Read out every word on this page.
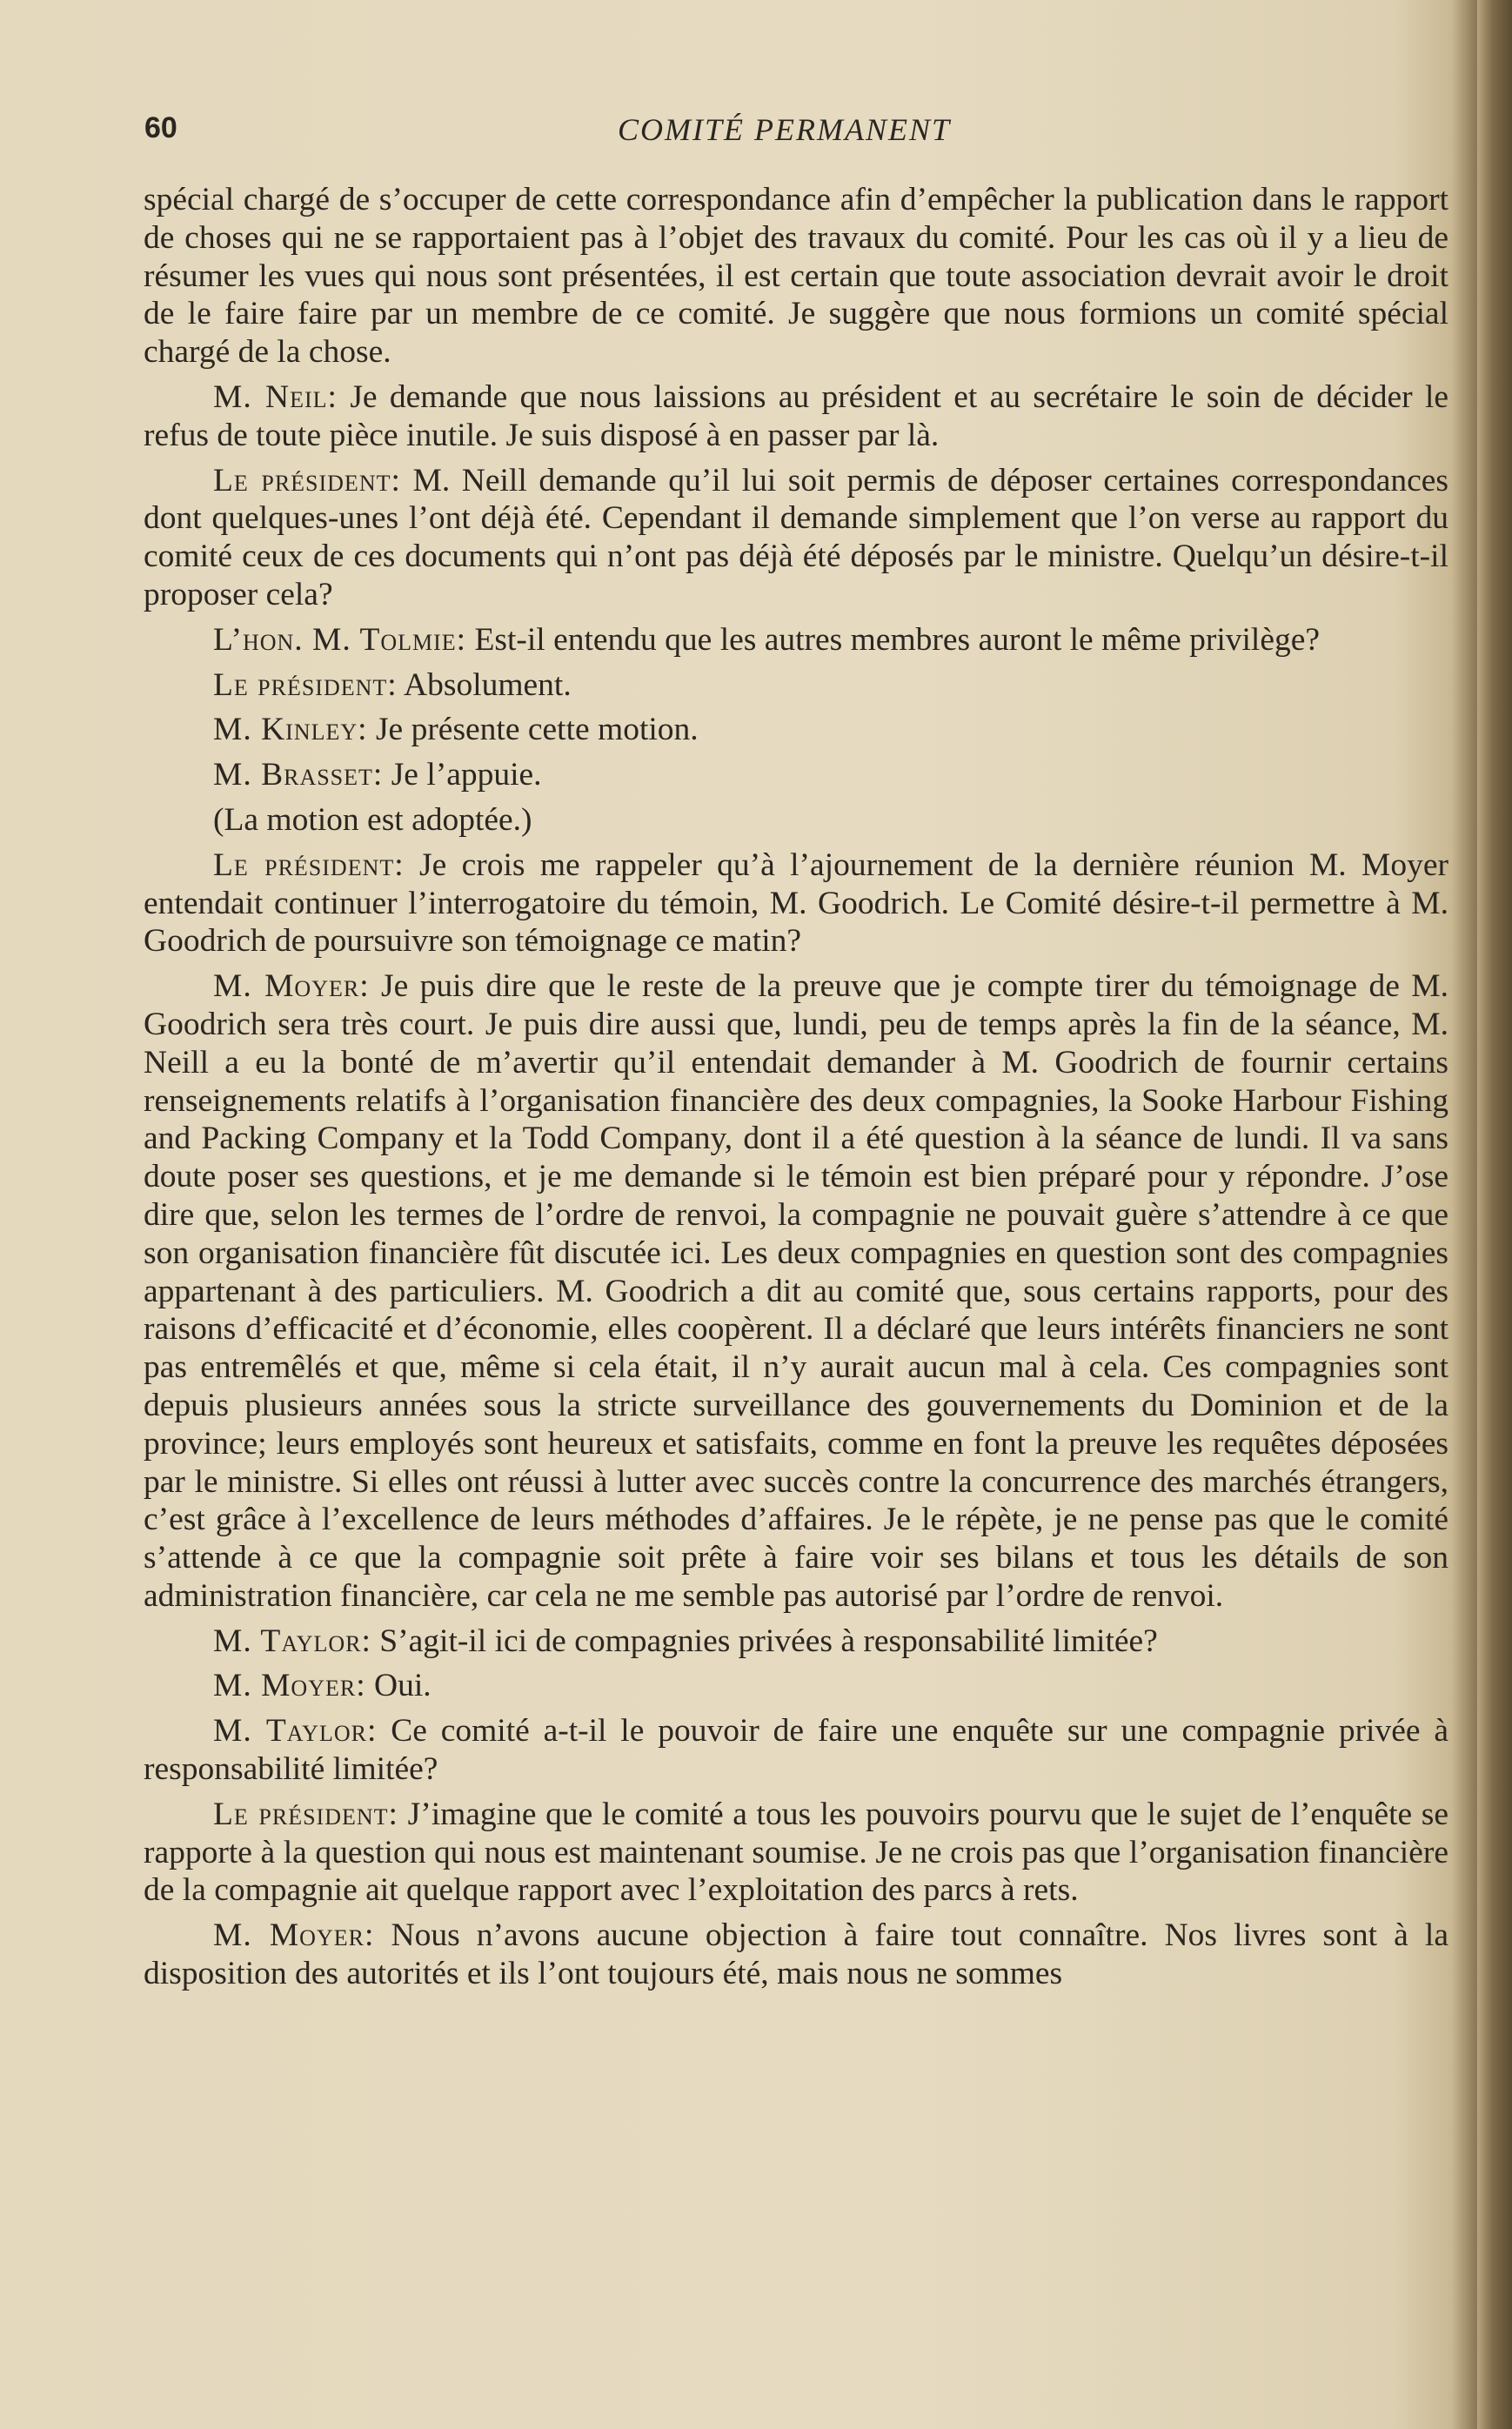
60	COMITÉ PERMANENT

spécial chargé de s’occuper de cette correspondance afin d’empêcher la publication dans le rapport de choses qui ne se rapportaient pas à l’objet des travaux du comité. Pour les cas où il y a lieu de résumer les vues qui nous sont présentées, il est certain que toute association devrait avoir le droit de le faire faire par un membre de ce comité. Je suggère que nous formions un comité spécial chargé de la chose.

M. Neil: Je demande que nous laissions au président et au secrétaire le soin de décider le refus de toute pièce inutile. Je suis disposé à en passer par là.

Le président: M. Neill demande qu’il lui soit permis de déposer certaines correspondances dont quelques-unes l’ont déjà été. Cependant il demande simplement que l’on verse au rapport du comité ceux de ces documents qui n’ont pas déjà été déposés par le ministre. Quelqu’un désire-t-il proposer cela?

L’hon. M. Tolmie: Est-il entendu que les autres membres auront le même privilège?

Le président: Absolument.

M. Kinley: Je présente cette motion.

M. Brasset: Je l’appuie.

(La motion est adoptée.)

Le président: Je crois me rappeler qu’à l’ajournement de la dernière réunion M. Moyer entendait continuer l’interrogatoire du témoin, M. Goodrich. Le Comité désire-t-il permettre à M. Goodrich de poursuivre son témoignage ce matin?

M. Moyer: Je puis dire que le reste de la preuve que je compte tirer du témoignage de M. Goodrich sera très court. Je puis dire aussi que, lundi, peu de temps après la fin de la séance, M. Neill a eu la bonté de m’avertir qu’il entendait demander à M. Goodrich de fournir certains renseignements relatifs à l’organisation financière des deux compagnies, la Sooke Harbour Fishing and Packing Company et la Todd Company, dont il a été question à la séance de lundi. Il va sans doute poser ses questions, et je me demande si le témoin est bien préparé pour y répondre. J’ose dire que, selon les termes de l’ordre de renvoi, la compagnie ne pouvait guère s’attendre à ce que son organisation financière fût discutée ici. Les deux compagnies en question sont des compagnies appartenant à des particuliers. M. Goodrich a dit au comité que, sous certains rapports, pour des raisons d’efficacité et d’économie, elles coopèrent. Il a déclaré que leurs intérêts financiers ne sont pas entremêlés et que, même si cela était, il n’y aurait aucun mal à cela. Ces compagnies sont depuis plusieurs années sous la stricte surveillance des gouvernements du Dominion et de la province; leurs employés sont heureux et satisfaits, comme en font la preuve les requêtes déposées par le ministre. Si elles ont réussi à lutter avec succès contre la concurrence des marchés étrangers, c’est grâce à l’excellence de leurs méthodes d’affaires. Je le répète, je ne pense pas que le comité s’attende à ce que la compagnie soit prête à faire voir ses bilans et tous les détails de son administration financière, car cela ne me semble pas autorisé par l’ordre de renvoi.

M. Taylor: S’agit-il ici de compagnies privées à responsabilité limitée?

M. Moyer: Oui.

M. Taylor: Ce comité a-t-il le pouvoir de faire une enquête sur une compagnie privée à responsabilité limitée?

Le président: J’imagine que le comité a tous les pouvoirs pourvu que le sujet de l’enquête se rapporte à la question qui nous est maintenant soumise. Je ne crois pas que l’organisation financière de la compagnie ait quelque rapport avec l’exploitation des parcs à rets.

M. Moyer: Nous n’avons aucune objection à faire tout connaître. Nos livres sont à la disposition des autorités et ils l’ont toujours été, mais nous ne sommes
